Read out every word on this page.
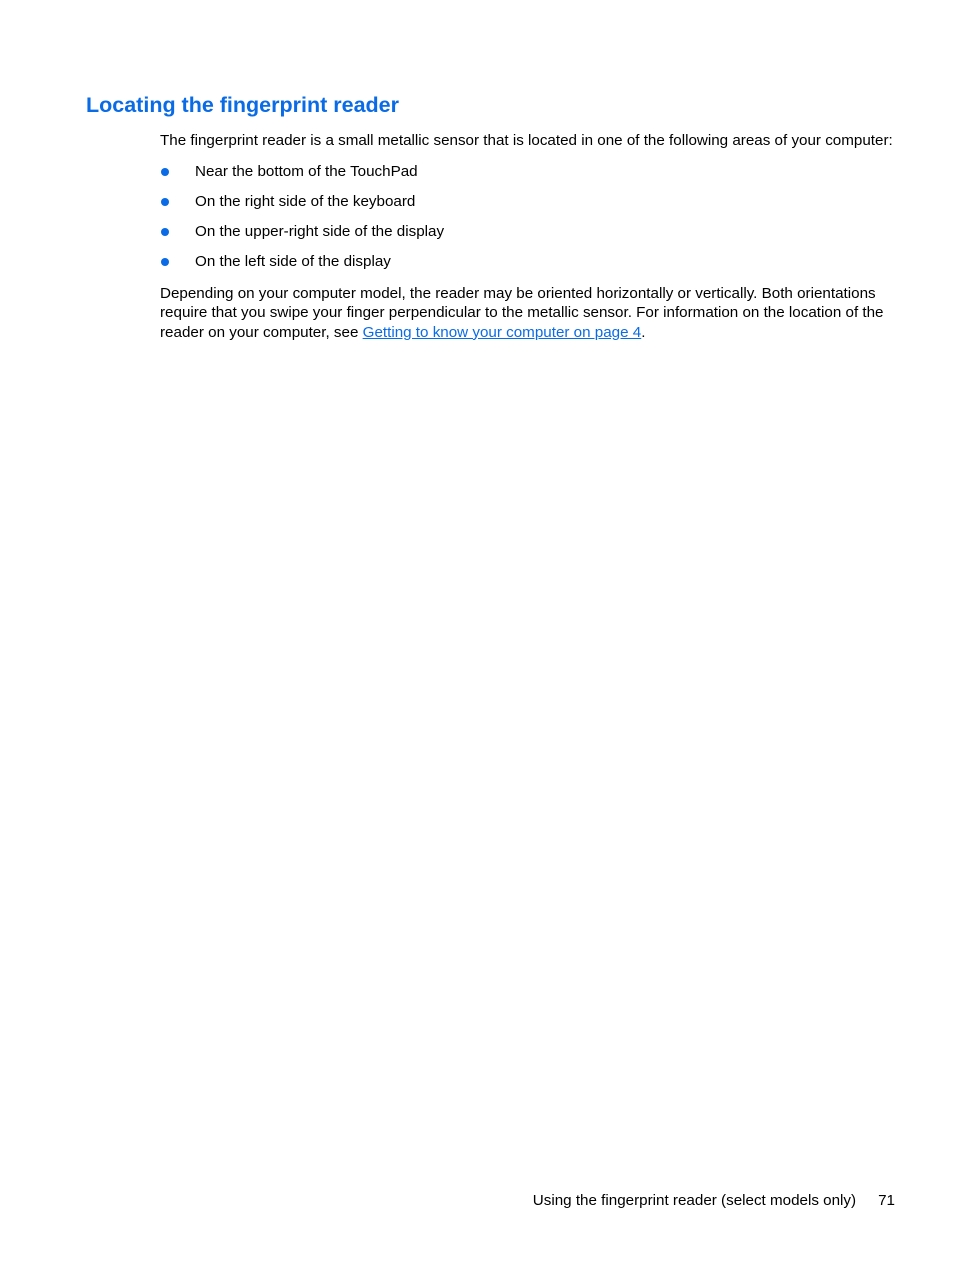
Locating the fingerprint reader

The fingerprint reader is a small metallic sensor that is located in one of the following areas of your computer:

Near the bottom of the TouchPad
On the right side of the keyboard
On the upper-right side of the display
On the left side of the display

Depending on your computer model, the reader may be oriented horizontally or vertically. Both orientations require that you swipe your finger perpendicular to the metallic sensor. For information on the location of the reader on your computer, see Getting to know your computer on page 4.

Using the fingerprint reader (select models only) 71
